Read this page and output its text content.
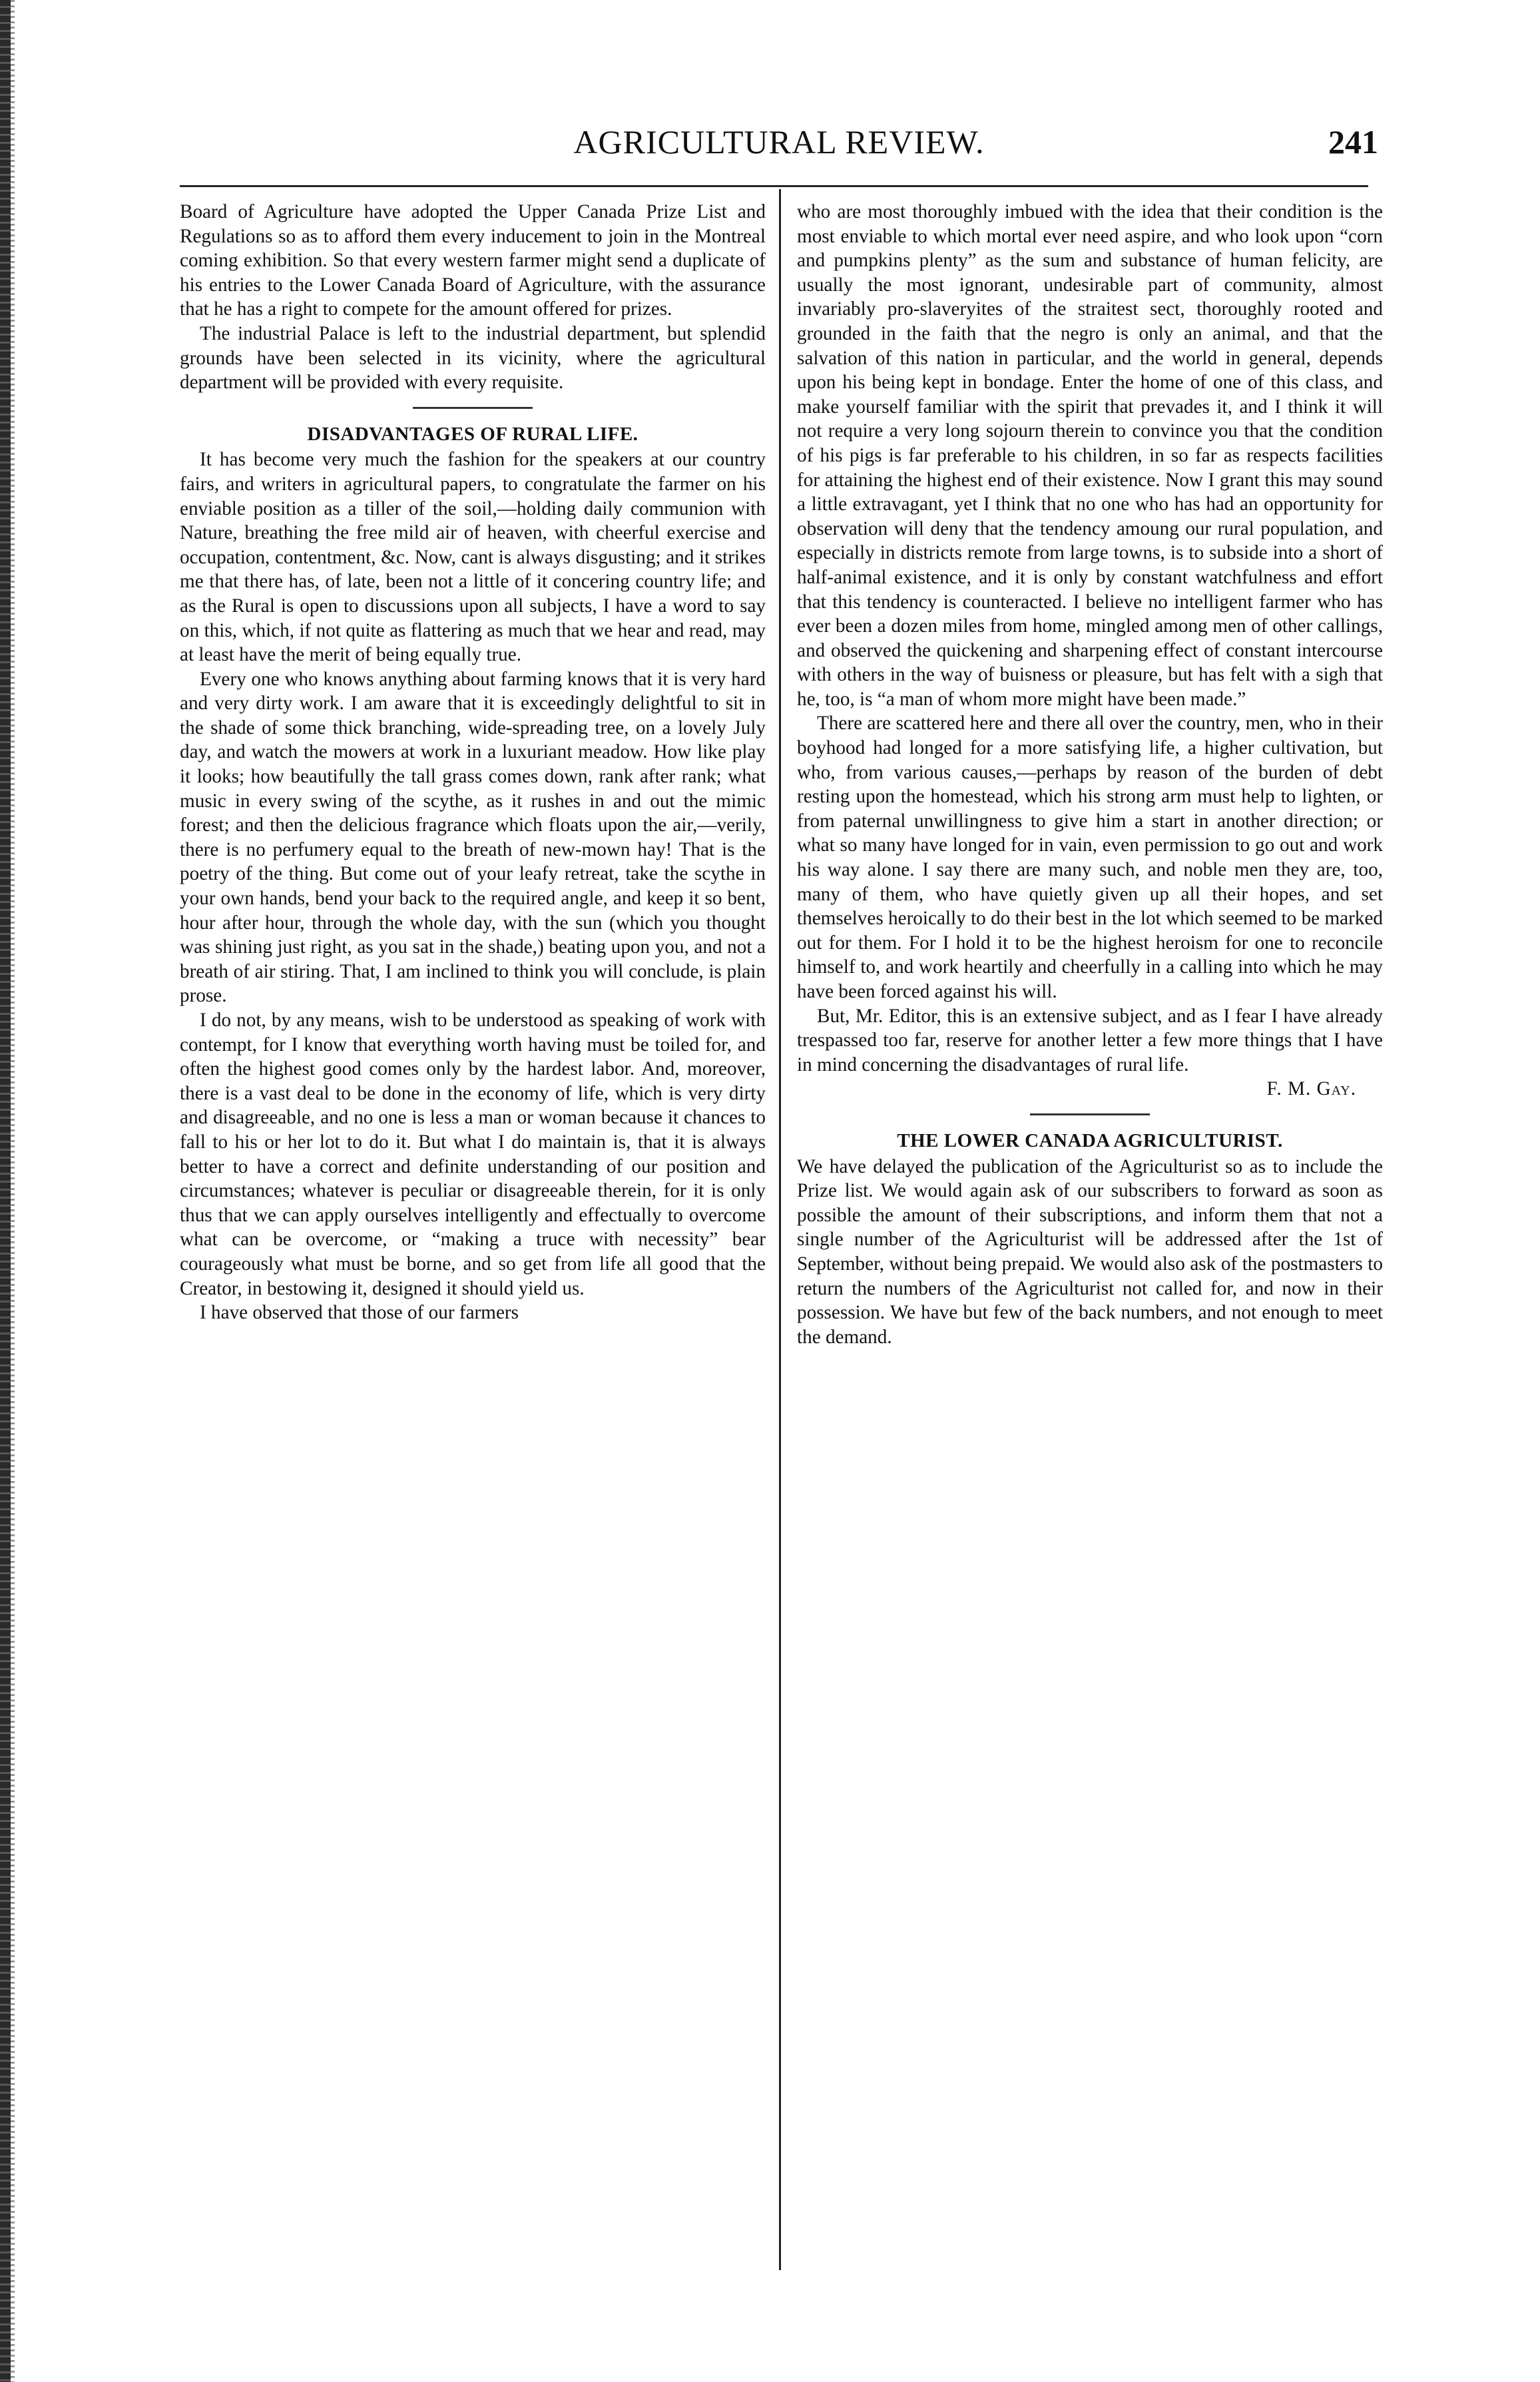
AGRICULTURAL REVIEW.	241

Board of Agriculture have adopted the Upper Canada Prize List and Regulations so as to afford them every inducement to join in the Montreal coming exhibition. So that every western farmer might send a duplicate of his entries to the Lower Canada Board of Agriculture, with the assurance that he has a right to compete for the amount offered for prizes.

The industrial Palace is left to the industrial department, but splendid grounds have been selected in its vicinity, where the agricultural department will be provided with every requisite.

DISADVANTAGES OF RURAL LIFE.

It has become very much the fashion for the speakers at our country fairs, and writers in agricultural papers, to congratulate the farmer on his enviable position as a tiller of the soil,—holding daily communion with Nature, breathing the free mild air of heaven, with cheerful exercise and occupation, contentment, &c. Now, cant is always disgusting; and it strikes me that there has, of late, been not a little of it concering country life; and as the Rural is open to discussions upon all subjects, I have a word to say on this, which, if not quite as flattering as much that we hear and read, may at least have the merit of being equally true.

Every one who knows anything about farming knows that it is very hard and very dirty work. I am aware that it is exceedingly delightful to sit in the shade of some thick branching, wide-spreading tree, on a lovely July day, and watch the mowers at work in a luxuriant meadow. How like play it looks; how beautifully the tall grass comes down, rank after rank; what music in every swing of the scythe, as it rushes in and out the mimic forest; and then the delicious fragrance which floats upon the air,—verily, there is no perfumery equal to the breath of new-mown hay! That is the poetry of the thing. But come out of your leafy retreat, take the scythe in your own hands, bend your back to the required angle, and keep it so bent, hour after hour, through the whole day, with the sun (which you thought was shining just right, as you sat in the shade,) beating upon you, and not a breath of air stiring. That, I am inclined to think you will conclude, is plain prose.

I do not, by any means, wish to be understood as speaking of work with contempt, for I know that everything worth having must be toiled for, and often the highest good comes only by the hardest labor. And, moreover, there is a vast deal to be done in the economy of life, which is very dirty and disagreeable, and no one is less a man or woman because it chances to fall to his or her lot to do it. But what I do maintain is, that it is always better to have a correct and definite understanding of our position and circumstances; whatever is peculiar or disagreeable therein, for it is only thus that we can apply ourselves intelligently and effectually to overcome what can be overcome, or “making a truce with necessity” bear courageously what must be borne, and so get from life all good that the Creator, in bestowing it, designed it should yield us.

I have observed that those of our farmers

who are most thoroughly imbued with the idea that their condition is the most enviable to which mortal ever need aspire, and who look upon “corn and pumpkins plenty” as the sum and substance of human felicity, are usually the most ignorant, undesirable part of community, almost invariably pro-slaveryites of the straitest sect, thoroughly rooted and grounded in the faith that the negro is only an animal, and that the salvation of this nation in particular, and the world in general, depends upon his being kept in bondage. Enter the home of one of this class, and make yourself familiar with the spirit that prevades it, and I think it will not require a very long sojourn therein to convince you that the condition of his pigs is far preferable to his children, in so far as respects facilities for attaining the highest end of their existence. Now I grant this may sound a little extravagant, yet I think that no one who has had an opportunity for observation will deny that the tendency amoung our rural population, and especially in districts remote from large towns, is to subside into a short of half-animal existence, and it is only by constant watchfulness and effort that this tendency is counteracted. I believe no intelligent farmer who has ever been a dozen miles from home, mingled among men of other callings, and observed the quickening and sharpening effect of constant intercourse with others in the way of buisness or pleasure, but has felt with a sigh that he, too, is “a man of whom more might have been made.”

There are scattered here and there all over the country, men, who in their boyhood had longed for a more satisfying life, a higher cultivation, but who, from various causes,—perhaps by reason of the burden of debt resting upon the homestead, which his strong arm must help to lighten, or from paternal unwillingness to give him a start in another direction; or what so many have longed for in vain, even permission to go out and work his way alone. I say there are many such, and noble men they are, too, many of them, who have quietly given up all their hopes, and set themselves heroically to do their best in the lot which seemed to be marked out for them. For I hold it to be the highest heroism for one to reconcile himself to, and work heartily and cheerfully in a calling into which he may have been forced against his will.

But, Mr. Editor, this is an extensive subject, and as I fear I have already trespassed too far, reserve for another letter a few more things that I have in mind concerning the disadvantages of rural life.

F. M. Gay.
THE LOWER CANADA AGRICULTURIST.

We have delayed the publication of the Agriculturist so as to include the Prize list. We would again ask of our subscribers to forward as soon as possible the amount of their subscriptions, and inform them that not a single number of the Agriculturist will be addressed after the 1st of September, without being prepaid. We would also ask of the postmasters to return the numbers of the Agriculturist not called for, and now in their possession. We have but few of the back numbers, and not enough to meet the demand.
